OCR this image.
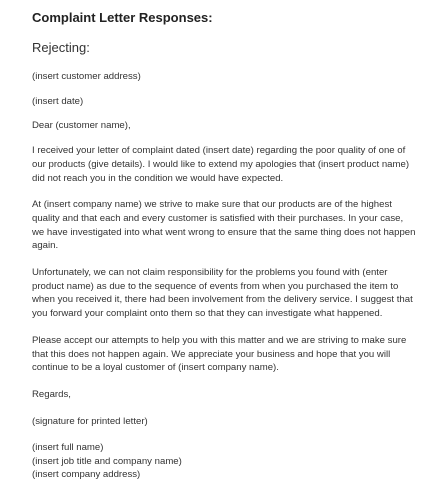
Complaint Letter Responses:
Rejecting:

(insert customer address)

(insert date)

Dear (customer name),

I received your letter of complaint dated (insert date) regarding the poor quality of one of our products (give details). I would like to extend my apologies that (insert product name) did not reach you in the condition we would have expected.

At (insert company name) we strive to make sure that our products are of the highest quality and that each and every customer is satisfied with their purchases. In your case, we have investigated into what went wrong to ensure that the same thing does not happen again.

Unfortunately, we can not claim responsibility for the problems you found with (enter product name) as due to the sequence of events from when you purchased the item to when you received it, there had been involvement from the delivery service. I suggest that you forward your complaint onto them so that they can investigate what happened.

Please accept our attempts to help you with this matter and we are striving to make sure that this does not happen again. We appreciate your business and hope that you will continue to be a loyal customer of (insert company name).

Regards,

(signature for printed letter)

(insert full name)

(insert job title and company name)

(insert company address)
